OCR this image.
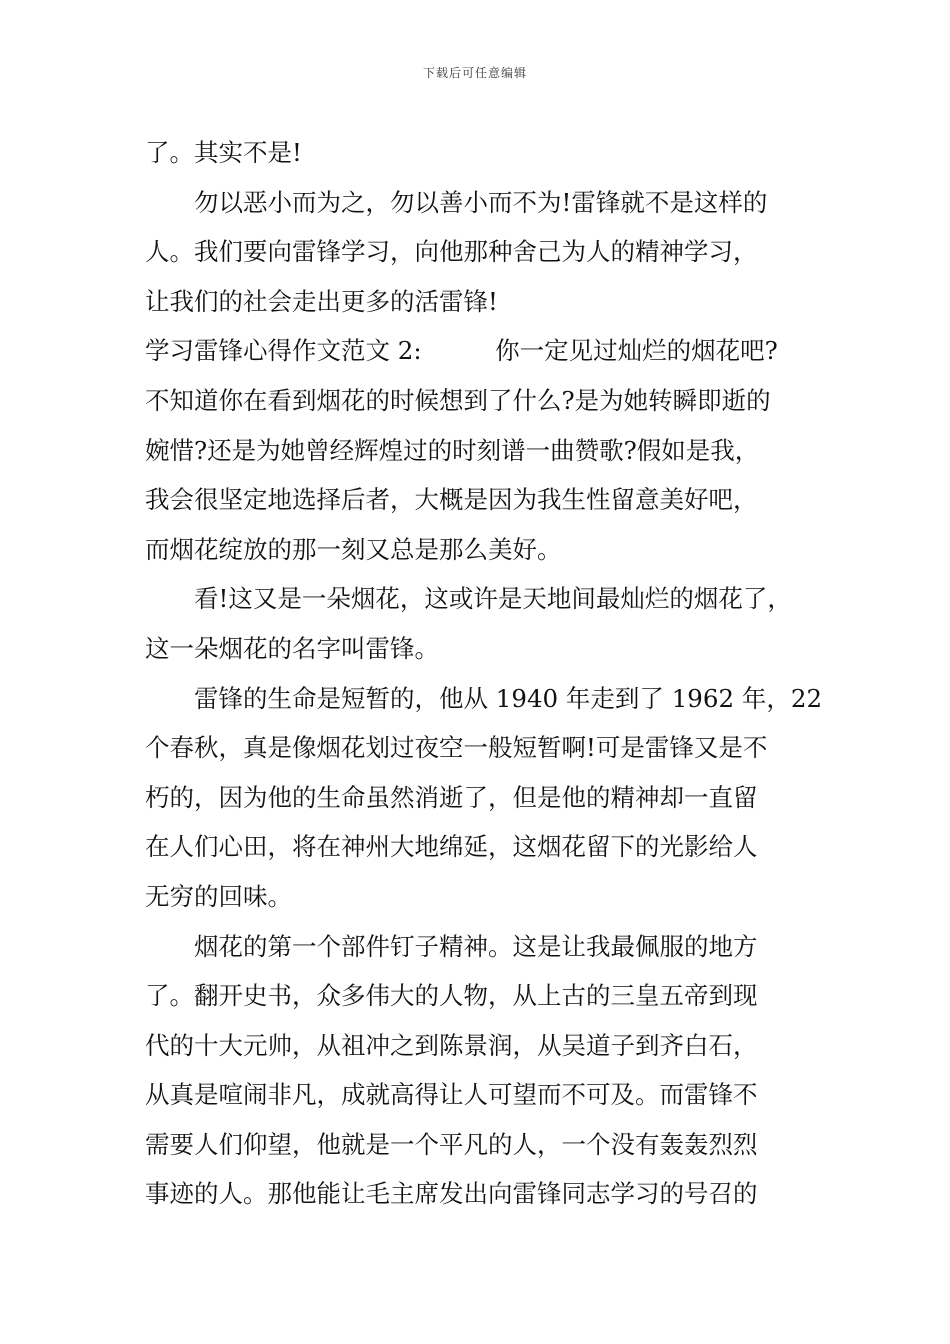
下载后可任意编辑
了。其实不是!
勿以恶小而为之，勿以善小而不为!雷锋就不是这样的
人。我们要向雷锋学习，向他那种舍己为人的精神学习，
让我们的社会走出更多的活雷锋!
学习雷锋心得作文范文 2:　　　你一定见过灿烂的烟花吧?
不知道你在看到烟花的时候想到了什么?是为她转瞬即逝的
婉惜?还是为她曾经辉煌过的时刻谱一曲赞歌?假如是我，
我会很坚定地选择后者，大概是因为我生性留意美好吧，
而烟花绽放的那一刻又总是那么美好。
看!这又是一朵烟花，这或许是天地间最灿烂的烟花了，
这一朵烟花的名字叫雷锋。
雷锋的生命是短暂的，他从 1940 年走到了 1962 年，22
个春秋，真是像烟花划过夜空一般短暂啊!可是雷锋又是不
朽的，因为他的生命虽然消逝了，但是他的精神却一直留
在人们心田，将在神州大地绵延，这烟花留下的光影给人
无穷的回味。
烟花的第一个部件钉子精神。这是让我最佩服的地方
了。翻开史书，众多伟大的人物，从上古的三皇五帝到现
代的十大元帅，从祖冲之到陈景润，从吴道子到齐白石，
从真是喧闹非凡，成就高得让人可望而不可及。而雷锋不
需要人们仰望，他就是一个平凡的人，一个没有轰轰烈烈
事迹的人。那他能让毛主席发出向雷锋同志学习的号召的
